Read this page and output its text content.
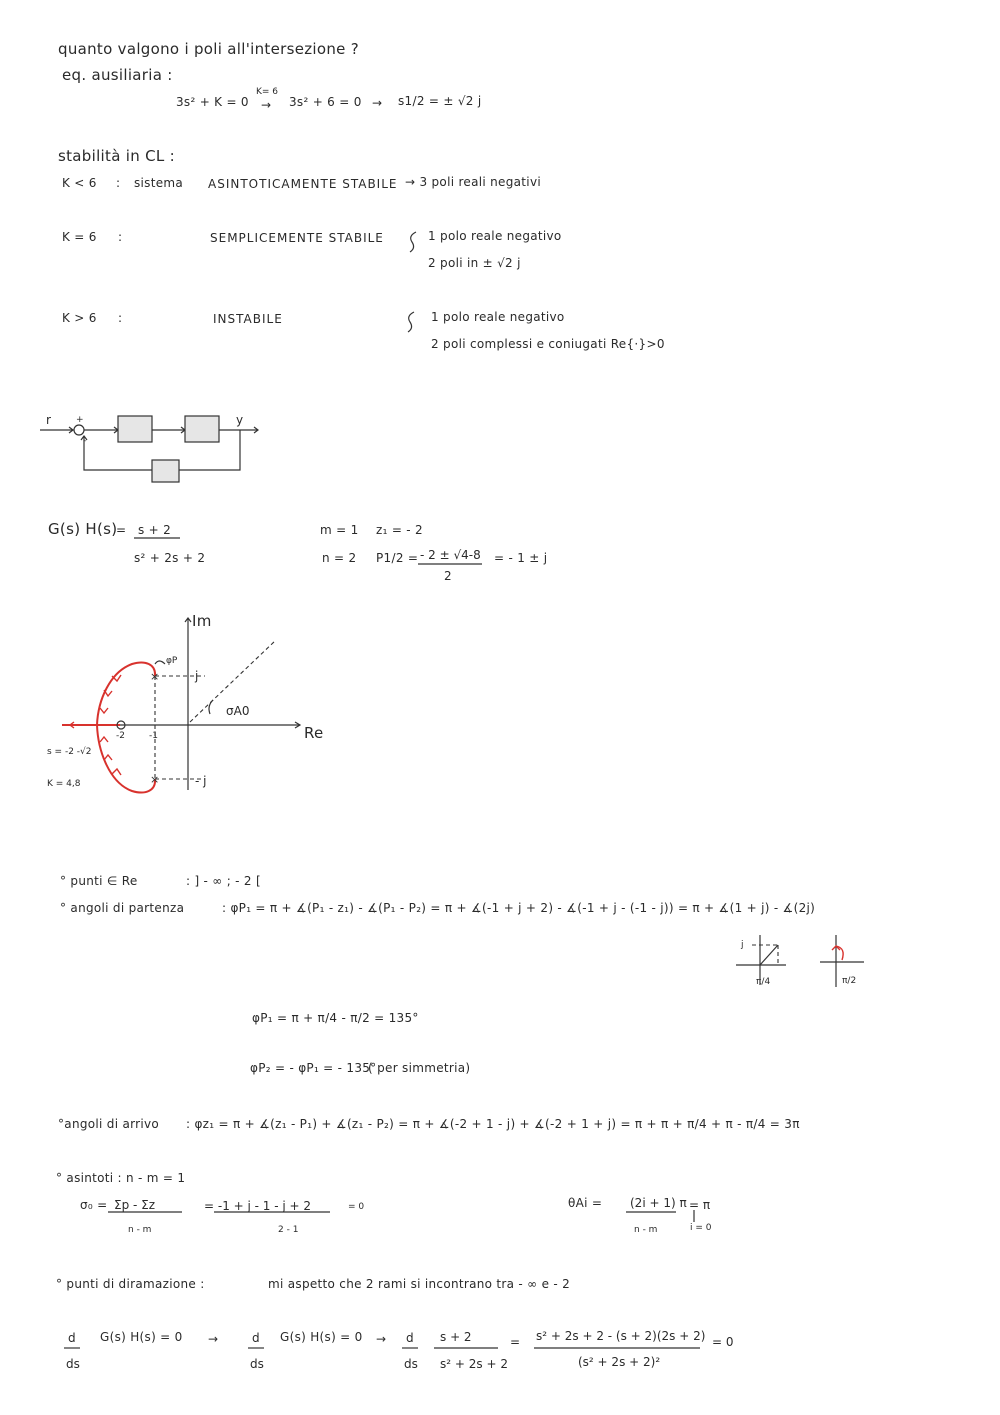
quanto valgono i poli all'intersezione ?
eq. ausiliaria :
3s² + K = 0
K= 6
→ 3s² + 6 = 0 → s1/2 = ± √2 j
stabilità in CL :
K < 6 : sistema ASINTOTICAMENTE STABILE → 3 poli reali negativi
K = 6 :	SEMPLICEMENTE STABILE	1 polo reale negativo
2 poli in ± √2 j
K > 6 :	INSTABILE	1 polo reale negativo
2 poli complessi e coniugati Re{·}>0
r	+
-
y
G(s) H(s)
= s + 2
s² + 2s + 2
m = 1 z₁ = - 2
n = 2 P1/2 = - 2 ± √4-8
2
= - 1 ± j
Im
Re
j
- j
-2	-1
φP
σA0
s = -2 -√2
K = 4,8
° punti ∈ Re	: ] - ∞ ; - 2 [
° angoli di partenza	: φP₁ = π + ∡(P₁ - z₁) - ∡(P₁ - P₂) = π + ∡(-1 + j + 2) - ∡(-1 + j - (-1 - j)) = π + ∡(1 + j) - ∡(2j)
j
π/4	π/2
φP₁ = π + π/4 - π/2 = 135°
φP₂ = - φP₁ = - 135°
( per simmetria)
°angoli di arrivo : φz₁ = π + ∡(z₁ - P₁) + ∡(z₁ - P₂) = π + ∡(-2 + 1 - j) + ∡(-2 + 1 + j) = π + π + π/4 + π - π/4 = 3π
° asintoti : n - m = 1
σ₀ = Σp - Σz
n - m
= -1 + j - 1 - j + 2
2 - 1
= 0	θAi = (2i + 1) π
n - m
= π
i = 0
° punti di diramazione :	mi aspetto che 2 rami si incontrano tra - ∞ e - 2
d G(s) H(s) = 0
ds
→	d G(s) H(s) = 0
ds
→ d s + 2
ds s² + 2s + 2
= s² + 2s + 2 - (s + 2)(2s + 2)
(s² + 2s + 2)²
= 0
×
×
